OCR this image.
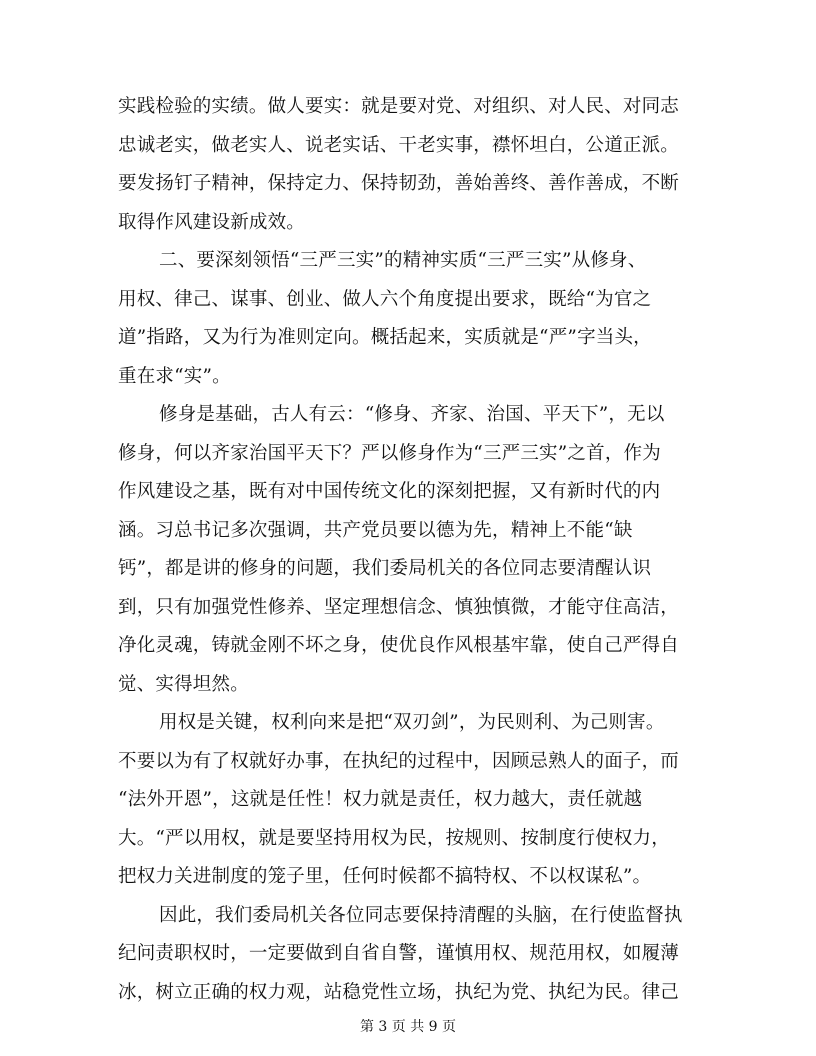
实践检验的实绩。做人要实：就是要对党、对组织、对人民、对同志
忠诚老实，做老实人、说老实话、干老实事，襟怀坦白，公道正派。
要发扬钉子精神，保持定力、保持韧劲，善始善终、善作善成，不断
取得作风建设新成效。
二、要深刻领悟“三严三实”的精神实质“三严三实”从修身、
用权、律己、谋事、创业、做人六个角度提出要求，既给“为官之
道”指路，又为行为准则定向。概括起来，实质就是“严”字当头，
重在求“实”。
修身是基础，古人有云：“修身、齐家、治国、平天下”，无以
修身，何以齐家治国平天下？严以修身作为“三严三实”之首，作为
作风建设之基，既有对中国传统文化的深刻把握，又有新时代的内
涵。习总书记多次强调，共产党员要以德为先，精神上不能“缺
钙”，都是讲的修身的问题，我们委局机关的各位同志要清醒认识
到，只有加强党性修养、坚定理想信念、慎独慎微，才能守住高洁，
净化灵魂，铸就金刚不坏之身，使优良作风根基牢靠，使自己严得自
觉、实得坦然。
用权是关键，权利向来是把“双刃剑”，为民则利、为己则害。
不要以为有了权就好办事，在执纪的过程中，因顾忌熟人的面子，而
“法外开恩”，这就是任性！权力就是责任，权力越大，责任就越
大。“严以用权，就是要坚持用权为民，按规则、按制度行使权力，
把权力关进制度的笼子里，任何时候都不搞特权、不以权谋私”。
因此，我们委局机关各位同志要保持清醒的头脑，在行使监督执
纪问责职权时，一定要做到自省自警，谨慎用权、规范用权，如履薄
冰，树立正确的权力观，站稳党性立场，执纪为党、执纪为民。律己
第 3 页 共 9 页
